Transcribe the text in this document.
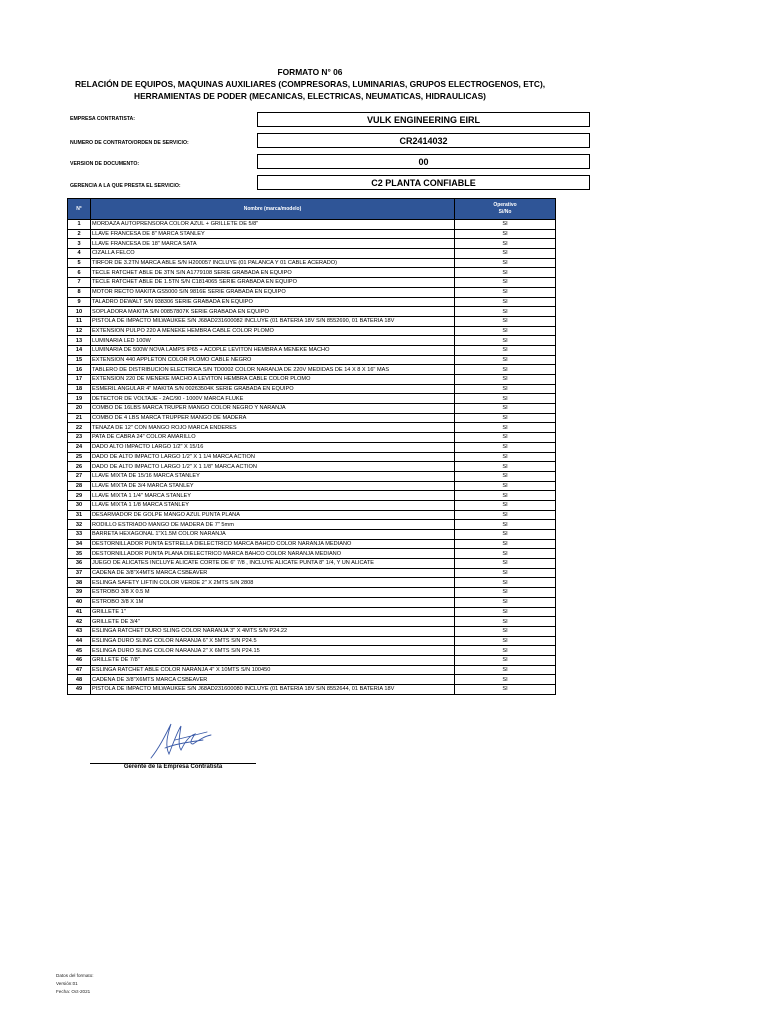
FORMATO N° 06
RELACIÓN DE EQUIPOS, MAQUINAS AUXILIARES (COMPRESORAS, LUMINARIAS, GRUPOS ELECTROGENOS, ETC),
HERRAMIENTAS DE PODER (MECANICAS, ELECTRICAS, NEUMATICAS, HIDRAULICAS)
EMPRESA CONTRATISTA:	VULK ENGINEERING EIRL
NUMERO DE CONTRATO/ORDEN DE SERVICIO:	CR2414032
VERSION DE DOCUMENTO:	00
GERENCIA A LA QUE PRESTA EL SERVICIO:	C2 PLANTA CONFIABLE
N°	Nombre (marca/modelo)	Operativo
Si/No
1	MORDAZA AUTOPRENSORA COLOR AZUL + GRILLETE DE 5/8"	SI
2	LLAVE FRANCESA DE 8" MARCA STANLEY	SI
3	LLAVE FRANCESA DE 18" MARCA SATA	SI
4	CIZALLA FELCO	SI
5	TIRFOR DE 3.2TN MARCA ABLE S/N H200057 INCLUYE (01 PALANCA Y 01 CABLE ACERADO)	SI
6	TECLE RATCHET ABLE DE 3TN S/N A1779108 SERIE GRABADA EN EQUIPO	SI
7	TECLE RATCHET ABLE DE 1.5TN S/N C1814065 SERIE GRABADA EN EQUIPO	SI
8	MOTOR RECTO MAKITA GS5000 S/N 9816E SERIE GRABADA EN EQUIPO	SI
9	TALADRO DEWALT S/N 938306 SERIE GRABADA EN EQUIPO	SI
10	SOPLADORA MAKITA S/N 00857807K SERIE GRABADA EN EQUIPO	SI
11	PISTOLA DE IMPACTO MILWAUKEE S/N J68AD231600082 INCLUYE (01 BATERIA 18V S/N 8552690, 01 BATERIA 18V	SI
12	EXTENSION PULPO 220 A MENEKE HEMBRA CABLE COLOR PLOMO	SI
13	LUMINARIA LED 100W	SI
14	LUMINARIA DE 500W NOVA LAMPS IP65 + ACOPLE LEVITON HEMBRA A MENEKE MACHO	SI
15	EXTENSION 440 APPLETON COLOR PLOMO CABLE NEGRO	SI
16	TABLERO DE DISTRIBUCION ELECTRICA S/N TD0002 COLOR NARANJA DE 220V MEDIDAS DE 14 X 8 X 16" MAS	SI
17	EXTENSION 220 DE MENEKE MACHO A LEVITON HEMBRA CABLE COLOR PLOMO	SI
18	ESMERIL ANGULAR 4" MAKITA S/N 00263504K SERIE GRABADA EN EQUIPO	SI
19	DETECTOR DE VOLTAJE - 2AC/90 - 1000V MARCA FLUKE	SI
20	COMBO DE 16LBS MARCA TRUPER MANGO COLOR NEGRO Y NARANJA	SI
21	COMBO DE 4 LBS MARCA TRUPPER MANGO DE MADERA	SI
22	TENAZA DE 12" CON MANGO ROJO MARCA ENDERES	SI
23	PATA DE CABRA 24" COLOR AMARILLO	SI
24	DADO ALTO IMPACTO LARGO 1/2" X 15/16	SI
25	DADO DE ALTO IMPACTO LARGO 1/2" X 1 1/4 MARCA ACTION	SI
26	DADO DE ALTO IMPACTO LARGO 1/2" X 1 1/8" MARCA ACTION	SI
27	LLAVE MIXTA DE 15/16 MARCA STANLEY	SI
28	LLAVE MIXTA DE 3/4 MARCA STANLEY	SI
29	LLAVE MIXTA 1 1/4" MARCA STANLEY	SI
30	LLAVE MIXTA 1 1/8 MARCA STANLEY	SI
31	DESARMADOR DE GOLPE MANGO AZUL PUNTA PLANA	SI
32	RODILLO ESTRIADO MANGO DE MADERA DE 7" 5mm	SI
33	BARRETA HEXAGONAL 1"X1.5M COLOR NARANJA	SI
34	DESTORNILLADOR PUNTA ESTRELLA DIELECTRICO MARCA BAHCO COLOR NARANJA MEDIANO	SI
35	DESTORNILLADOR PUNTA PLANA DIELECTRICO MARCA BAHCO COLOR NARANJA MEDIANO	SI
36	JUEGO DE ALICATES INCLUYE ALICATE CORTE DE 6" 7/8 , INCLUYE ALICATE PUNTA 8" 1/4, Y UN ALICATE	SI
37	CADENA DE 3/8"X4MTS MARCA CSBEAVER	SI
38	ESLINGA SAFETY LIFTIN COLOR VERDE 2" X 2MTS S/N 2808	SI
39	ESTROBO 3/8 X 0.5 M	SI
40	ESTROBO 3/8 X 1M	SI
41	GRILLETE 1"	SI
42	GRILLETE DE 3/4"	SI
43	ESLINGA RATCHET DURO SLING COLOR NARANJA 3" X 4MTS S/N P24.22	SI
44	ESLINGA DURO SLING COLOR NARANJA 6" X 5MTS S/N P24.5	SI
45	ESLINGA DURO SLING COLOR NARANJA 2" X 6MTS S/N P24.15	SI
46	GRILLETE DE 7/8"	SI
47	ESLINGA RATCHET ABLE COLOR NARANJA 4" X 10MTS S/N 100450	SI
48	CADENA DE 3/8"X6MTS MARCA CSBEAVER	SI
49	PISTOLA DE IMPACTO MILWAUKEE S/N J68AD231600080 INCLUYE (01 BATERIA 18V S/N 8552644, 01 BATERIA 18V	SI
Gerente de la Empresa Contratista
Datos del formato:
Versión:01
Fecha: Oct-2021
